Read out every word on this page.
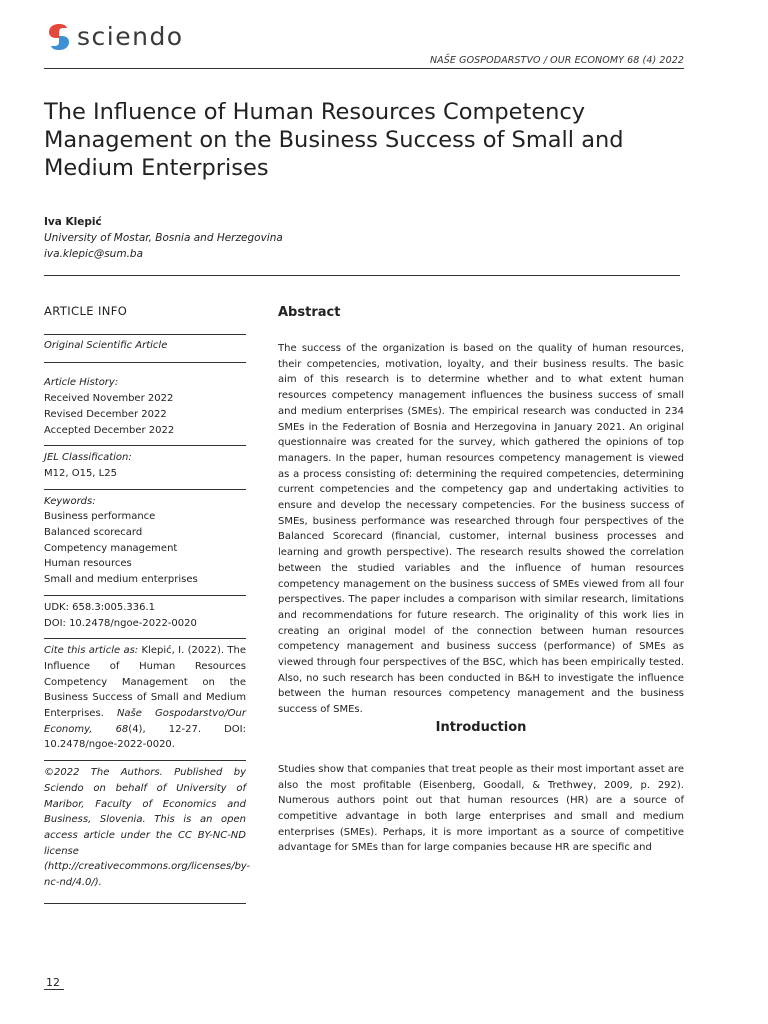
sciendo
NAŠE GOSPODARSTVO / OUR ECONOMY 68 (4) 2022
The Influence of Human Resources Competency Management on the Business Success of Small and Medium Enterprises
Iva Klepić
University of Mostar, Bosnia and Herzegovina
iva.klepic@sum.ba
ARTICLE INFO
Original Scientific Article
Article History:
Received November 2022
Revised December 2022
Accepted December 2022
JEL Classification:
M12, O15, L25
Keywords:
Business performance
Balanced scorecard
Competency management
Human resources
Small and medium enterprises
UDK: 658.3:005.336.1
DOI: 10.2478/ngoe-2022-0020
Cite this article as: Klepić, I. (2022). The Influence of Human Resources Competency Management on the Business Success of Small and Medium Enterprises. Naše Gospodarstvo/Our Economy, 68(4), 12-27. DOI: 10.2478/ngoe-2022-0020.
©2022 The Authors. Published by Sciendo on behalf of University of Maribor, Faculty of Economics and Business, Slovenia. This is an open access article under the CC BY-NC-ND license (http://creativecommons.org/licenses/by-nc-nd/4.0/).
Abstract
The success of the organization is based on the quality of human resources, their competencies, motivation, loyalty, and their business results. The basic aim of this research is to determine whether and to what extent human resources competency management influences the business success of small and medium enterprises (SMEs). The empirical research was conducted in 234 SMEs in the Federation of Bosnia and Herzegovina in January 2021. An original questionnaire was created for the survey, which gathered the opinions of top managers. In the paper, human resources competency management is viewed as a process consisting of: determining the required competencies, determining current competencies and the competency gap and undertaking activities to ensure and develop the necessary competencies. For the business success of SMEs, business performance was researched through four perspectives of the Balanced Scorecard (financial, customer, internal business processes and learning and growth perspective). The research results showed the correlation between the studied variables and the influence of human resources competency management on the business success of SMEs viewed from all four perspectives. The paper includes a comparison with similar research, limitations and recommendations for future research. The originality of this work lies in creating an original model of the connection between human resources competency management and business success (performance) of SMEs as viewed through four perspectives of the BSC, which has been empirically tested. Also, no such research has been conducted in B&H to investigate the influence between the human resources competency management and the business success of SMEs.
Introduction
Studies show that companies that treat people as their most important asset are also the most profitable (Eisenberg, Goodall, & Trethwey, 2009, p. 292). Numerous authors point out that human resources (HR) are a source of competitive advantage in both large enterprises and small and medium enterprises (SMEs). Perhaps, it is more important as a source of competitive advantage for SMEs than for large companies because HR are specific and
12
